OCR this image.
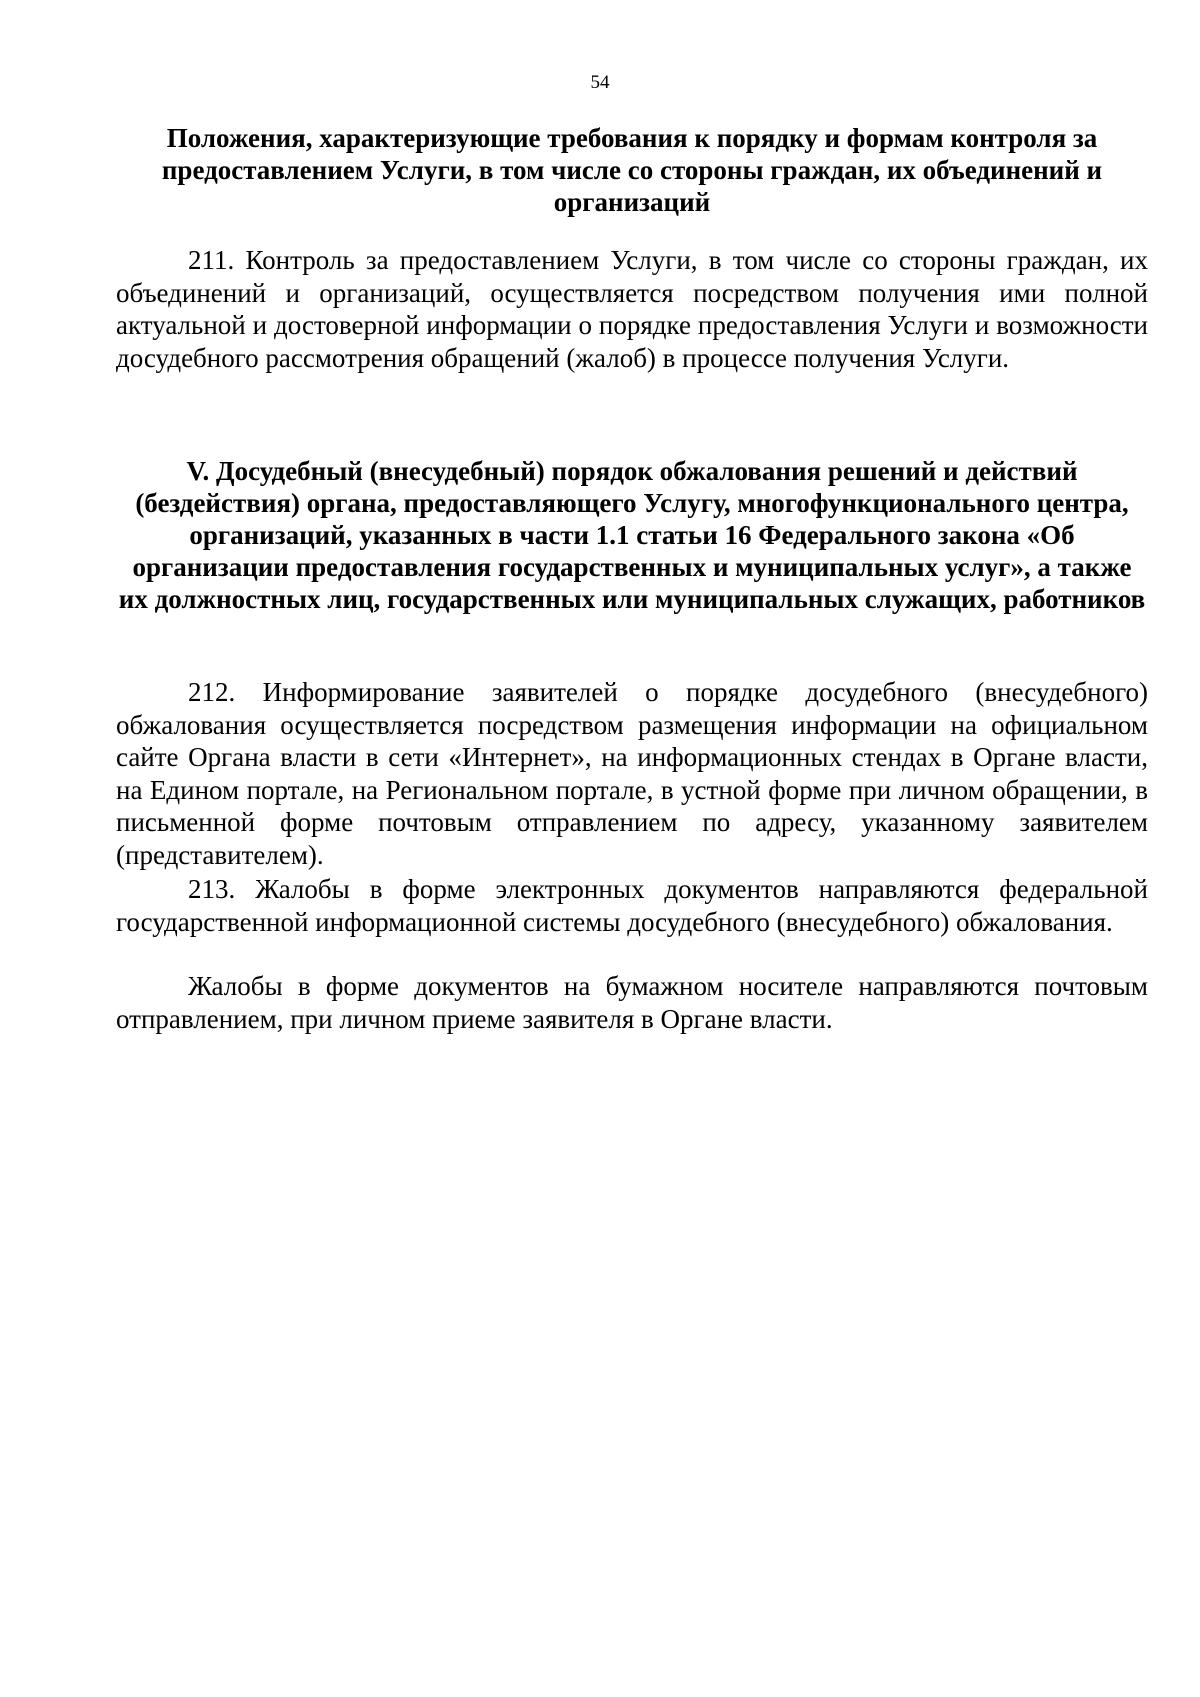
54
Положения, характеризующие требования к порядку и формам контроля за предоставлением Услуги, в том числе со стороны граждан, их объединений и организаций

211. Контроль за предоставлением Услуги, в том числе со стороны граждан, их объединений и организаций, осуществляется посредством получения ими полной актуальной и достоверной информации о порядке предоставления Услуги и возможности досудебного рассмотрения обращений (жалоб) в процессе получения Услуги.

V. Досудебный (внесудебный) порядок обжалования решений и действий (бездействия) органа, предоставляющего Услугу, многофункционального центра, организаций, указанных в части 1.1 статьи 16 Федерального закона «Об организации предоставления государственных и муниципальных услуг», а также их должностных лиц, государственных или муниципальных служащих, работников

212. Информирование заявителей о порядке досудебного (внесудебного) обжалования осуществляется посредством размещения информации на официальном сайте Органа власти в сети «Интернет», на информационных стендах в Органе власти, на Едином портале, на Региональном портале, в устной форме при личном обращении, в письменной форме почтовым отправлением по адресу, указанному заявителем (представителем).

213. Жалобы в форме электронных документов направляются федеральной государственной информационной системы досудебного (внесудебного) обжалования.

Жалобы в форме документов на бумажном носителе направляются почтовым отправлением, при личном приеме заявителя в Органе власти.
